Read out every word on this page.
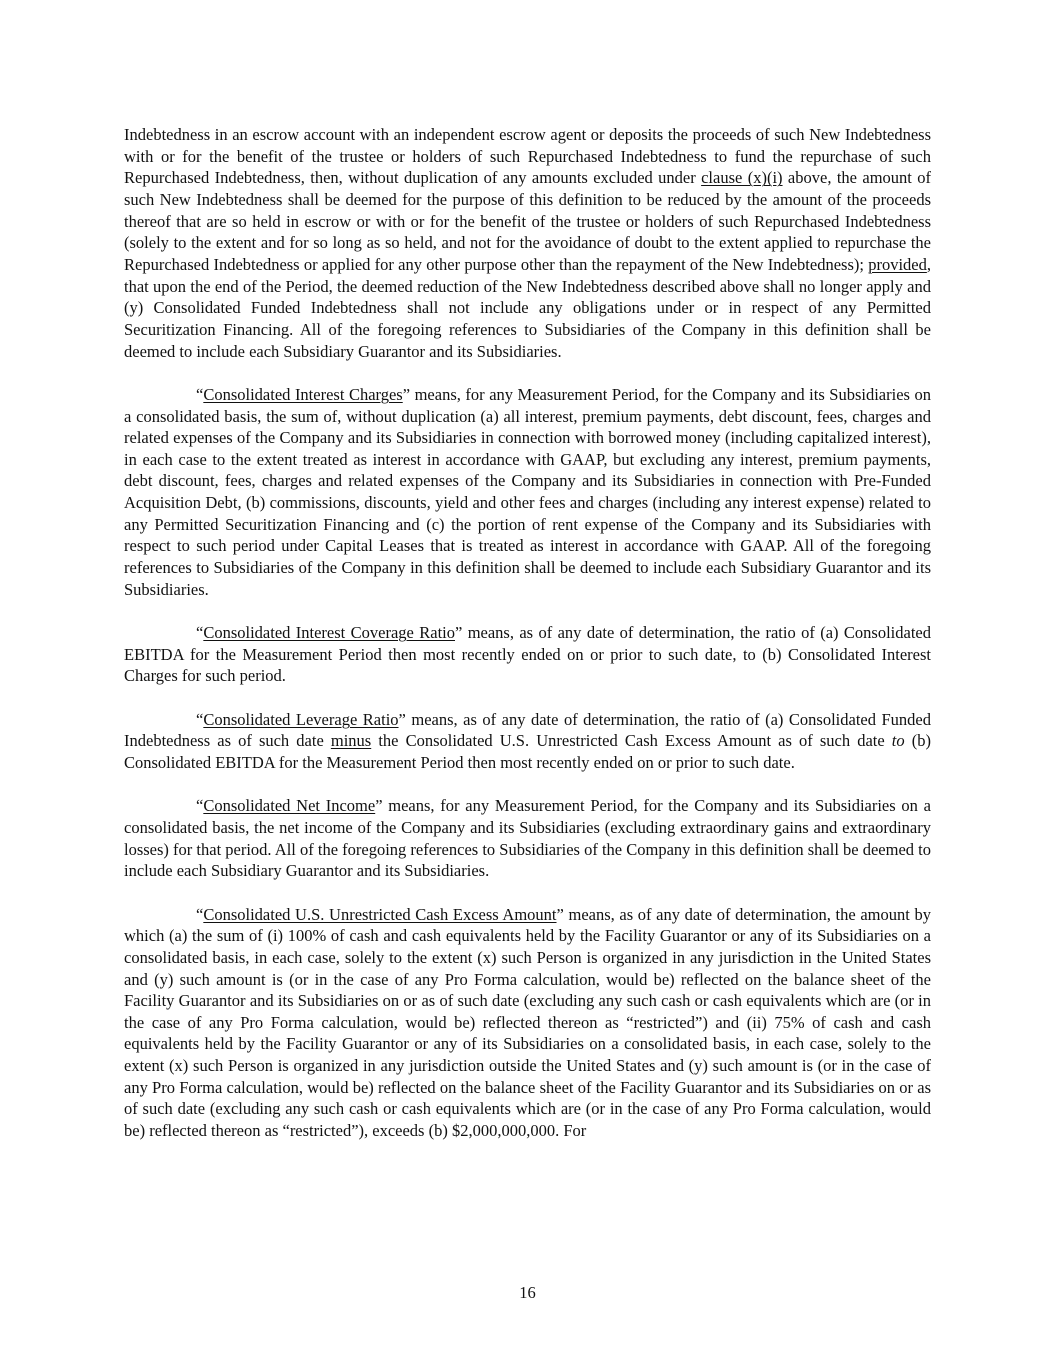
Indebtedness in an escrow account with an independent escrow agent or deposits the proceeds of such New Indebtedness with or for the benefit of the trustee or holders of such Repurchased Indebtedness to fund the repurchase of such Repurchased Indebtedness, then, without duplication of any amounts excluded under clause (x)(i) above, the amount of such New Indebtedness shall be deemed for the purpose of this definition to be reduced by the amount of the proceeds thereof that are so held in escrow or with or for the benefit of the trustee or holders of such Repurchased Indebtedness (solely to the extent and for so long as so held, and not for the avoidance of doubt to the extent applied to repurchase the Repurchased Indebtedness or applied for any other purpose other than the repayment of the New Indebtedness); provided, that upon the end of the Period, the deemed reduction of the New Indebtedness described above shall no longer apply and (y) Consolidated Funded Indebtedness shall not include any obligations under or in respect of any Permitted Securitization Financing. All of the foregoing references to Subsidiaries of the Company in this definition shall be deemed to include each Subsidiary Guarantor and its Subsidiaries.

“Consolidated Interest Charges” means, for any Measurement Period, for the Company and its Subsidiaries on a consolidated basis, the sum of, without duplication (a) all interest, premium payments, debt discount, fees, charges and related expenses of the Company and its Subsidiaries in connection with borrowed money (including capitalized interest), in each case to the extent treated as interest in accordance with GAAP, but excluding any interest, premium payments, debt discount, fees, charges and related expenses of the Company and its Subsidiaries in connection with Pre-Funded Acquisition Debt, (b) commissions, discounts, yield and other fees and charges (including any interest expense) related to any Permitted Securitization Financing and (c) the portion of rent expense of the Company and its Subsidiaries with respect to such period under Capital Leases that is treated as interest in accordance with GAAP. All of the foregoing references to Subsidiaries of the Company in this definition shall be deemed to include each Subsidiary Guarantor and its Subsidiaries.

“Consolidated Interest Coverage Ratio” means, as of any date of determination, the ratio of (a) Consolidated EBITDA for the Measurement Period then most recently ended on or prior to such date, to (b) Consolidated Interest Charges for such period.

“Consolidated Leverage Ratio” means, as of any date of determination, the ratio of (a) Consolidated Funded Indebtedness as of such date minus the Consolidated U.S. Unrestricted Cash Excess Amount as of such date to (b) Consolidated EBITDA for the Measurement Period then most recently ended on or prior to such date.

“Consolidated Net Income” means, for any Measurement Period, for the Company and its Subsidiaries on a consolidated basis, the net income of the Company and its Subsidiaries (excluding extraordinary gains and extraordinary losses) for that period. All of the foregoing references to Subsidiaries of the Company in this definition shall be deemed to include each Subsidiary Guarantor and its Subsidiaries.

“Consolidated U.S. Unrestricted Cash Excess Amount” means, as of any date of determination, the amount by which (a) the sum of (i) 100% of cash and cash equivalents held by the Facility Guarantor or any of its Subsidiaries on a consolidated basis, in each case, solely to the extent (x) such Person is organized in any jurisdiction in the United States and (y) such amount is (or in the case of any Pro Forma calculation, would be) reflected on the balance sheet of the Facility Guarantor and its Subsidiaries on or as of such date (excluding any such cash or cash equivalents which are (or in the case of any Pro Forma calculation, would be) reflected thereon as “restricted”) and (ii) 75% of cash and cash equivalents held by the Facility Guarantor or any of its Subsidiaries on a consolidated basis, in each case, solely to the extent (x) such Person is organized in any jurisdiction outside the United States and (y) such amount is (or in the case of any Pro Forma calculation, would be) reflected on the balance sheet of the Facility Guarantor and its Subsidiaries on or as of such date (excluding any such cash or cash equivalents which are (or in the case of any Pro Forma calculation, would be) reflected thereon as “restricted”), exceeds (b) $2,000,000,000. For

16
